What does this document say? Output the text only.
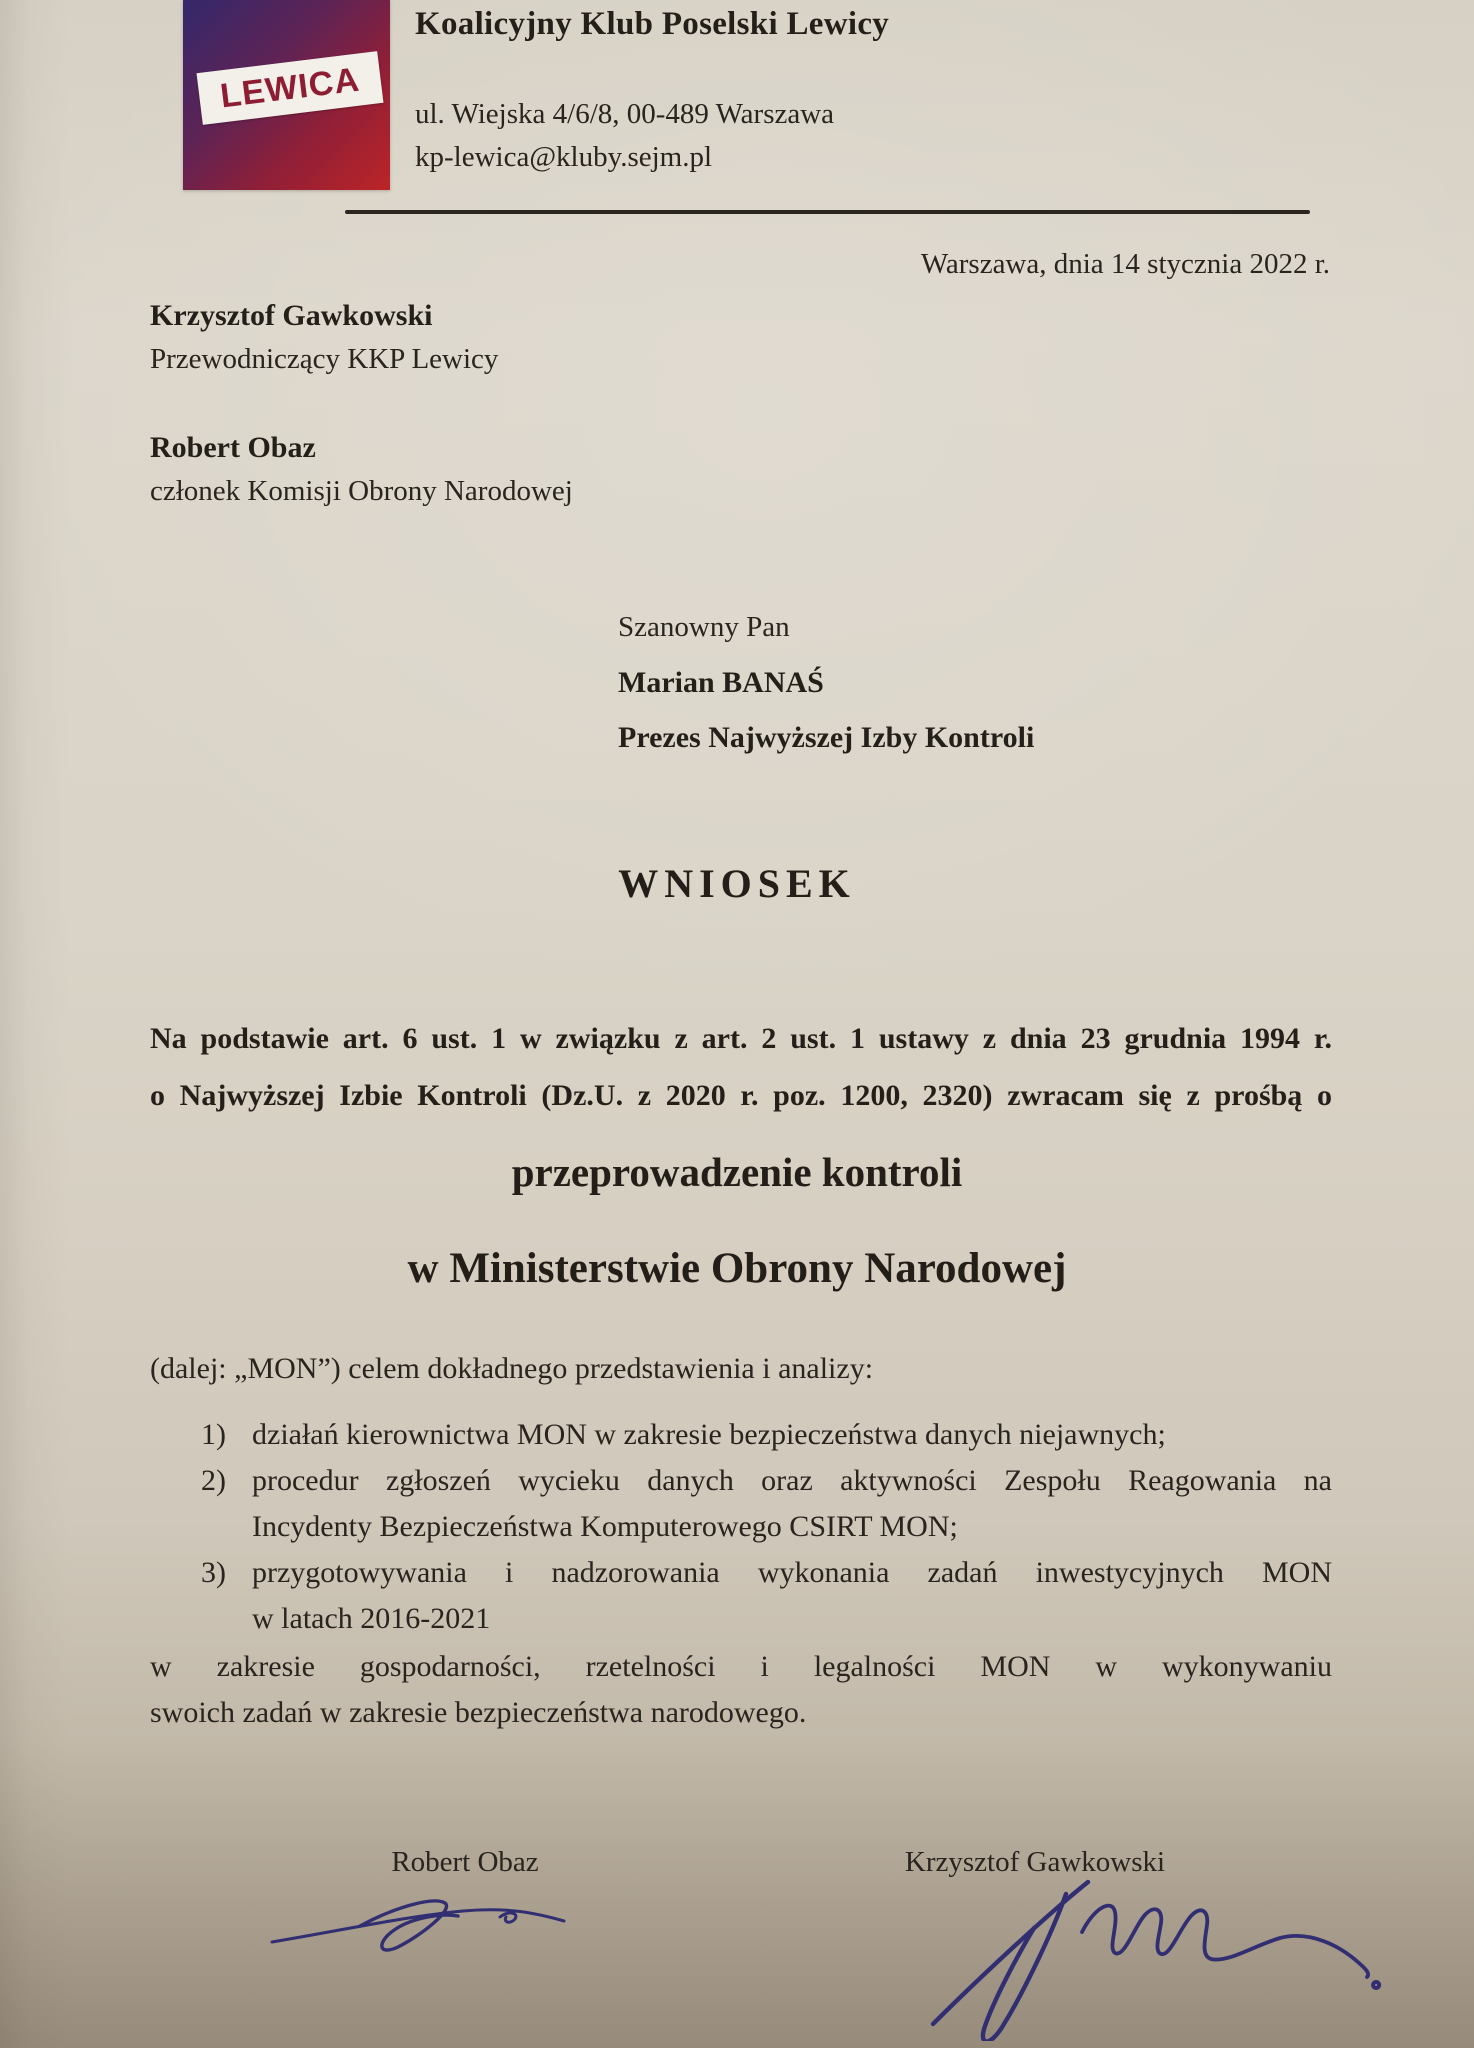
LEWICA
Koalicyjny Klub Poselski Lewicy
ul. Wiejska 4/6/8, 00-489 Warszawa
kp-lewica@kluby.sejm.pl
Warszawa, dnia 14 stycznia 2022 r.
Krzysztof Gawkowski
Przewodniczący KKP Lewicy
Robert Obaz
członek Komisji Obrony Narodowej
Szanowny Pan
Marian BANAŚ
Prezes Najwyższej Izby Kontroli
WNIOSEK
Na podstawie art. 6 ust. 1 w związku z art. 2 ust. 1 ustawy z dnia 23 grudnia 1994 r.
o Najwyższej Izbie Kontroli (Dz.U. z 2020 r. poz. 1200, 2320) zwracam się z prośbą o
przeprowadzenie kontroli
w Ministerstwie Obrony Narodowej
(dalej: „MON”) celem dokładnego przedstawienia i analizy:
1) działań kierownictwa MON w zakresie bezpieczeństwa danych niejawnych;
2) procedur zgłoszeń wycieku danych oraz aktywności Zespołu Reagowania na
Incydenty Bezpieczeństwa Komputerowego CSIRT MON;
3) przygotowywania i nadzorowania wykonania zadań inwestycyjnych MON
w latach 2016-2021
w zakresie gospodarności, rzetelności i legalności MON w wykonywaniu
swoich zadań w zakresie bezpieczeństwa narodowego.
Robert Obaz	Krzysztof Gawkowski
